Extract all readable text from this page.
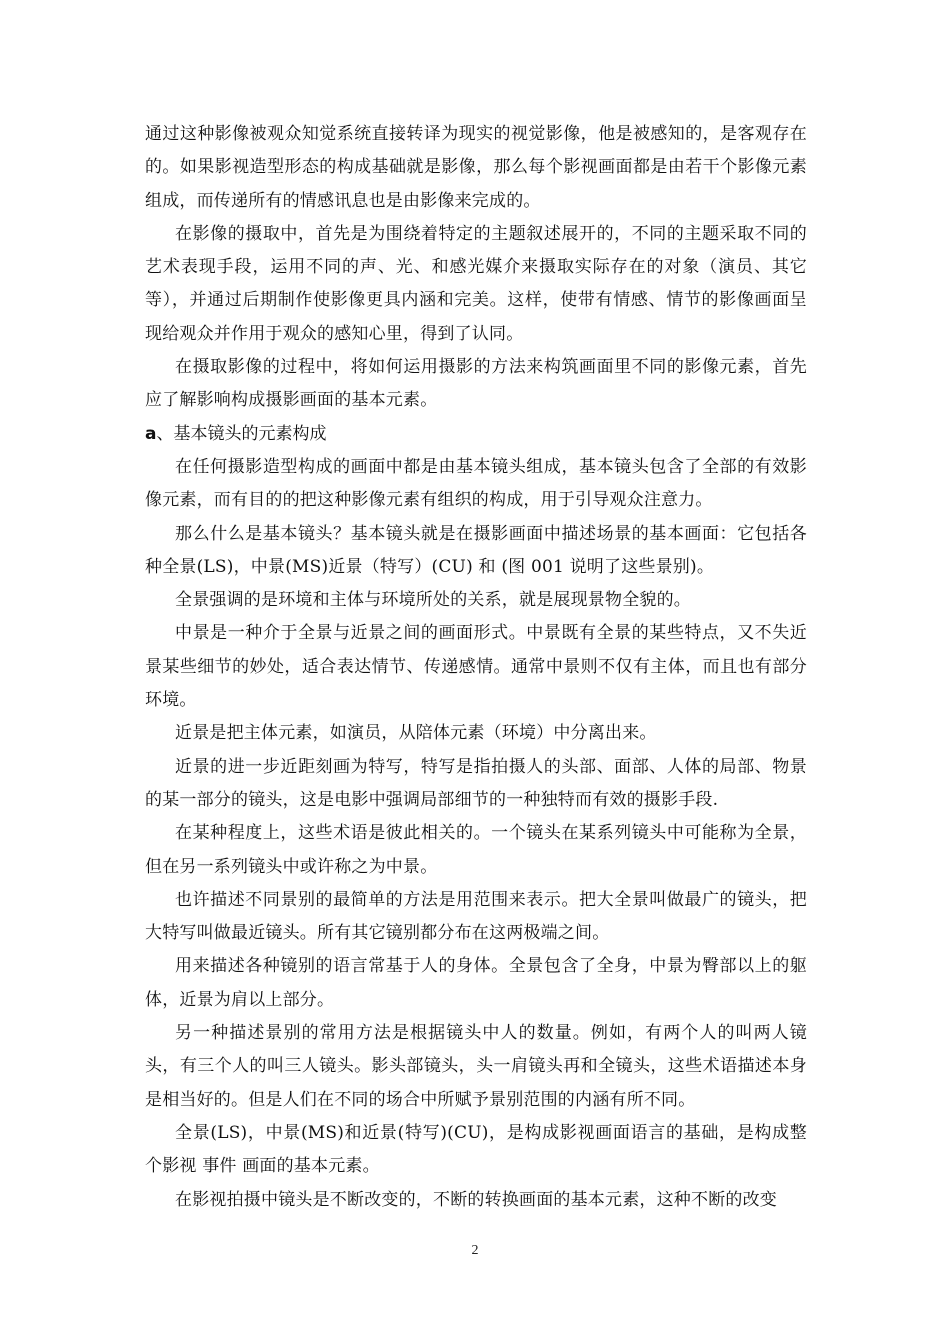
通过这种影像被观众知觉系统直接转译为现实的视觉影像，他是被感知的，是客观存在的。如果影视造型形态的构成基础就是影像，那么每个影视画面都是由若干个影像元素组成，而传递所有的情感讯息也是由影像来完成的。

在影像的摄取中，首先是为围绕着特定的主题叙述展开的，不同的主题采取不同的艺术表现手段，运用不同的声、光、和感光媒介来摄取实际存在的对象（演员、其它等），并通过后期制作使影像更具内涵和完美。这样，使带有情感、情节的影像画面呈现给观众并作用于观众的感知心里，得到了认同。

在摄取影像的过程中，将如何运用摄影的方法来构筑画面里不同的影像元素，首先应了解影响构成摄影画面的基本元素。

a、基本镜头的元素构成

在任何摄影造型构成的画面中都是由基本镜头组成，基本镜头包含了全部的有效影像元素，而有目的的把这种影像元素有组织的构成，用于引导观众注意力。

那么什么是基本镜头？基本镜头就是在摄影画面中描述场景的基本画面：它包括各种全景(LS)，中景(MS)近景（特写）(CU) 和 (图 001 说明了这些景别)。

全景强调的是环境和主体与环境所处的关系，就是展现景物全貌的。

中景是一种介于全景与近景之间的画面形式。中景既有全景的某些特点，又不失近景某些细节的妙处，适合表达情节、传递感情。通常中景则不仅有主体，而且也有部分环境。

近景是把主体元素，如演员，从陪体元素（环境）中分离出来。

近景的进一步近距刻画为特写，特写是指拍摄人的头部、面部、人体的局部、物景的某一部分的镜头，这是电影中强调局部细节的一种独特而有效的摄影手段.

在某种程度上，这些术语是彼此相关的。一个镜头在某系列镜头中可能称为全景，但在另一系列镜头中或许称之为中景。

也许描述不同景别的最简单的方法是用范围来表示。把大全景叫做最广的镜头，把大特写叫做最近镜头。所有其它镜别都分布在这两极端之间。

用来描述各种镜别的语言常基于人的身体。全景包含了全身，中景为臀部以上的躯体，近景为肩以上部分。

另一种描述景别的常用方法是根据镜头中人的数量。例如，有两个人的叫两人镜头，有三个人的叫三人镜头。影头部镜头，头一肩镜头再和全镜头，这些术语描述本身是相当好的。但是人们在不同的场合中所赋予景别范围的内涵有所不同。

全景(LS)，中景(MS)和近景(特写)(CU)，是构成影视画面语言的基础，是构成整个影视 事件 画面的基本元素。

在影视拍摄中镜头是不断改变的，不断的转换画面的基本元素，这种不断的改变

2
